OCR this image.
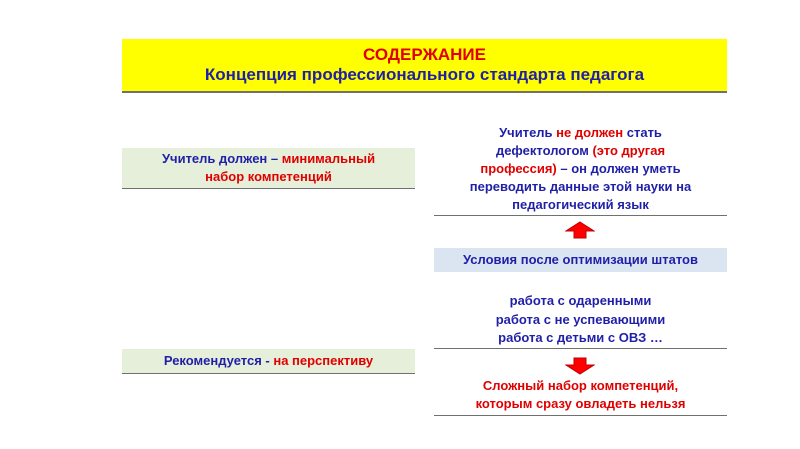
СОДЕРЖАНИЕ
Концепция профессионального стандарта педагога
Учитель должен – минимальный набор компетенций
Рекомендуется - на перспективу
Учитель не должен стать дефектологом (это другая профессия) – он должен уметь переводить данные этой науки на педагогический язык
Условия после оптимизации штатов
работа с одаренными
работа с не успевающими
работа с детьми с ОВЗ …
Сложный набор компетенций,
которым сразу овладеть нельзя
